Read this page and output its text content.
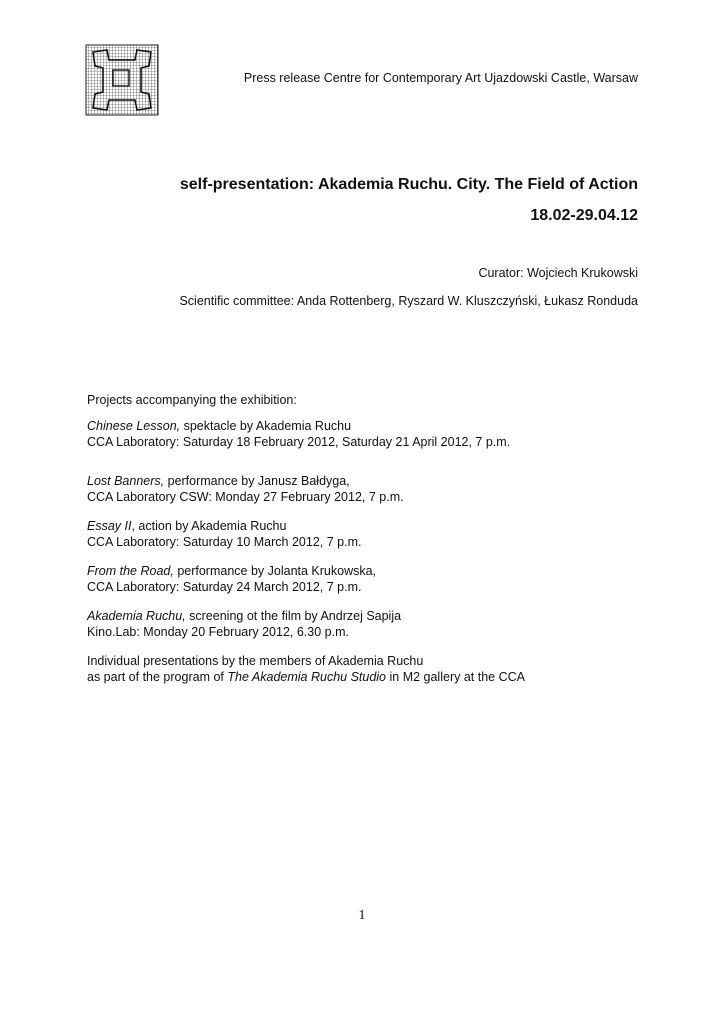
Press release Centre for Contemporary Art Ujazdowski Castle, Warsaw
self-presentation: Akademia Ruchu. City. The Field of Action
18.02-29.04.12
Curator: Wojciech Krukowski
Scientific committee: Anda Rottenberg, Ryszard W. Kluszczyński, Łukasz Ronduda

Projects accompanying the exhibition:

Chinese Lesson, spektacle by Akademia Ruchu
CCA Laboratory: Saturday 18 February 2012, Saturday 21 April 2012, 7 p.m.
Lost Banners, performance by Janusz Bałdyga,
CCA Laboratory CSW: Monday 27 February 2012, 7 p.m.
Essay II, action by Akademia Ruchu
CCA Laboratory: Saturday 10 March 2012, 7 p.m.
From the Road, performance by Jolanta Krukowska,
CCA Laboratory: Saturday 24 March 2012, 7 p.m.
Akademia Ruchu, screening ot the film by Andrzej Sapija
Kino.Lab: Monday 20 February 2012, 6.30 p.m.
Individual presentations by the members of Akademia Ruchu
as part of the program of The Akademia Ruchu Studio in M2 gallery at the CCA
1
